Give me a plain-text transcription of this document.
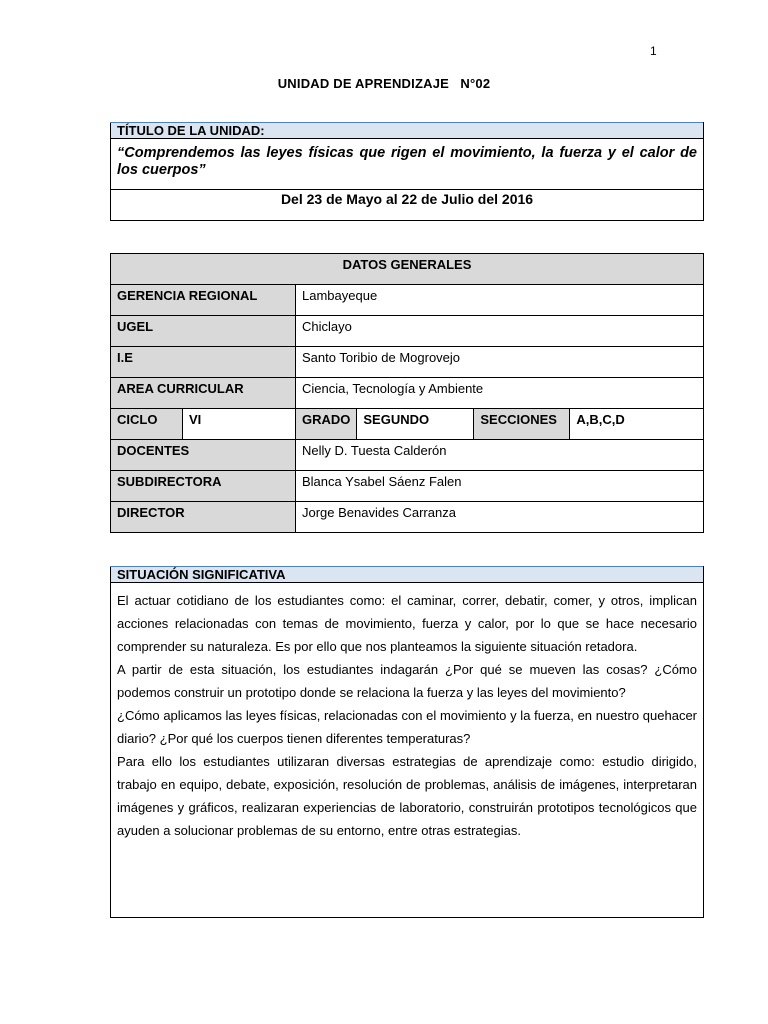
1
UNIDAD DE APRENDIZAJE   N°02
TÍTULO DE LA UNIDAD:
“Comprendemos las leyes físicas que rigen el movimiento, la fuerza y el calor de los cuerpos”
Del 23 de Mayo al 22 de Julio del 2016
DATOS GENERALES					
GERENCIA REGIONAL		Lambayeque			
UGEL		Chiclayo			
I.E		Santo Toribio de Mogrovejo			
AREA CURRICULAR		Ciencia, Tecnología y Ambiente			
CICLO	VI	GRADO	SEGUNDO	SECCIONES	A,B,C,D
DOCENTES		Nelly D. Tuesta Calderón			
SUBDIRECTORA		Blanca Ysabel Sáenz Falen			
DIRECTOR		Jorge Benavides Carranza			
SITUACIÓN SIGNIFICATIVA

El actuar cotidiano de los estudiantes como: el caminar, correr, debatir, comer, y otros, implican acciones relacionadas con temas de movimiento, fuerza y calor, por lo que se hace necesario comprender su naturaleza. Es por ello que nos planteamos la siguiente situación retadora.

A partir de esta situación, los estudiantes indagarán ¿Por qué se mueven las cosas? ¿Cómo podemos construir un prototipo donde se relaciona la fuerza y las leyes del movimiento?

¿Cómo aplicamos las leyes físicas, relacionadas con el movimiento y la fuerza, en nuestro quehacer diario? ¿Por qué los cuerpos tienen diferentes temperaturas?

Para ello los estudiantes utilizaran diversas estrategias de aprendizaje como: estudio dirigido, trabajo en equipo, debate, exposición, resolución de problemas, análisis de imágenes, interpretaran imágenes y gráficos, realizaran experiencias de laboratorio, construirán prototipos tecnológicos que ayuden a solucionar problemas de su entorno, entre otras estrategias.
